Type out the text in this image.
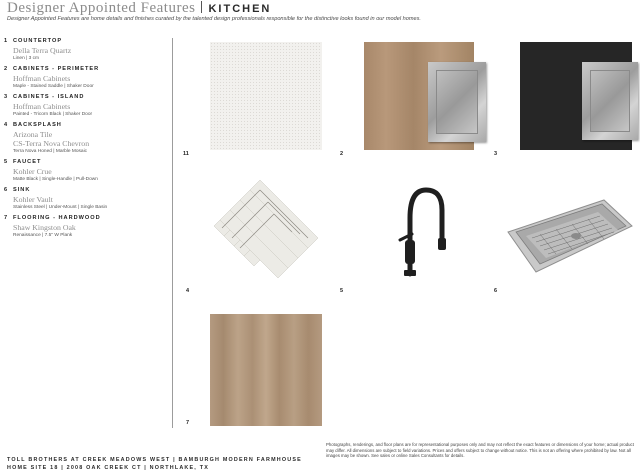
Designer Appointed Features KITCHEN
Designer Appointed Features are home details and finishes curated by the talented design professionals responsible for the distinctive looks found in our model homes.
1 COUNTERTOP
Della Terra Quartz
Linen | 3 cm
2 CABINETS - PERIMETER
Hoffman Cabinets
Maple - Stained Saddle | Shaker Door
3 CABINETS - ISLAND
Hoffman Cabinets
Painted - Tricorn Black | Shaker Door
4 BACKSPLASH
Arizona Tile
CS-Terra Nova Chevron
Terra Nova Honed | Marble Mosaic
5 FAUCET
Kohler Crue
Matte Black | Single-Handle | Pull-Down
6 SINK
Kohler Vault
Stainless Steel | Under-Mount | Single Basin
7 FLOORING - HARDWOOD
Shaw Kingston Oak
Renaissance | 7.5" W Plank
11	2	3
4	5	6
7
TOLL BROTHERS AT CREEK MEADOWS WEST | BAMBURGH MODERN FARMHOUSE
HOME SITE 18 | 2008 OAK CREEK CT | NORTHLAKE, TX
Photographs, renderings, and floor plans are for representational purposes only and may not reflect the exact features or dimensions of your home; actual product may differ. All dimensions are subject to field variations. Prices and offers subject to change without notice. This is not an offering where prohibited by law. Not all images may be shown. See sales or online Sales Consultants for details.
